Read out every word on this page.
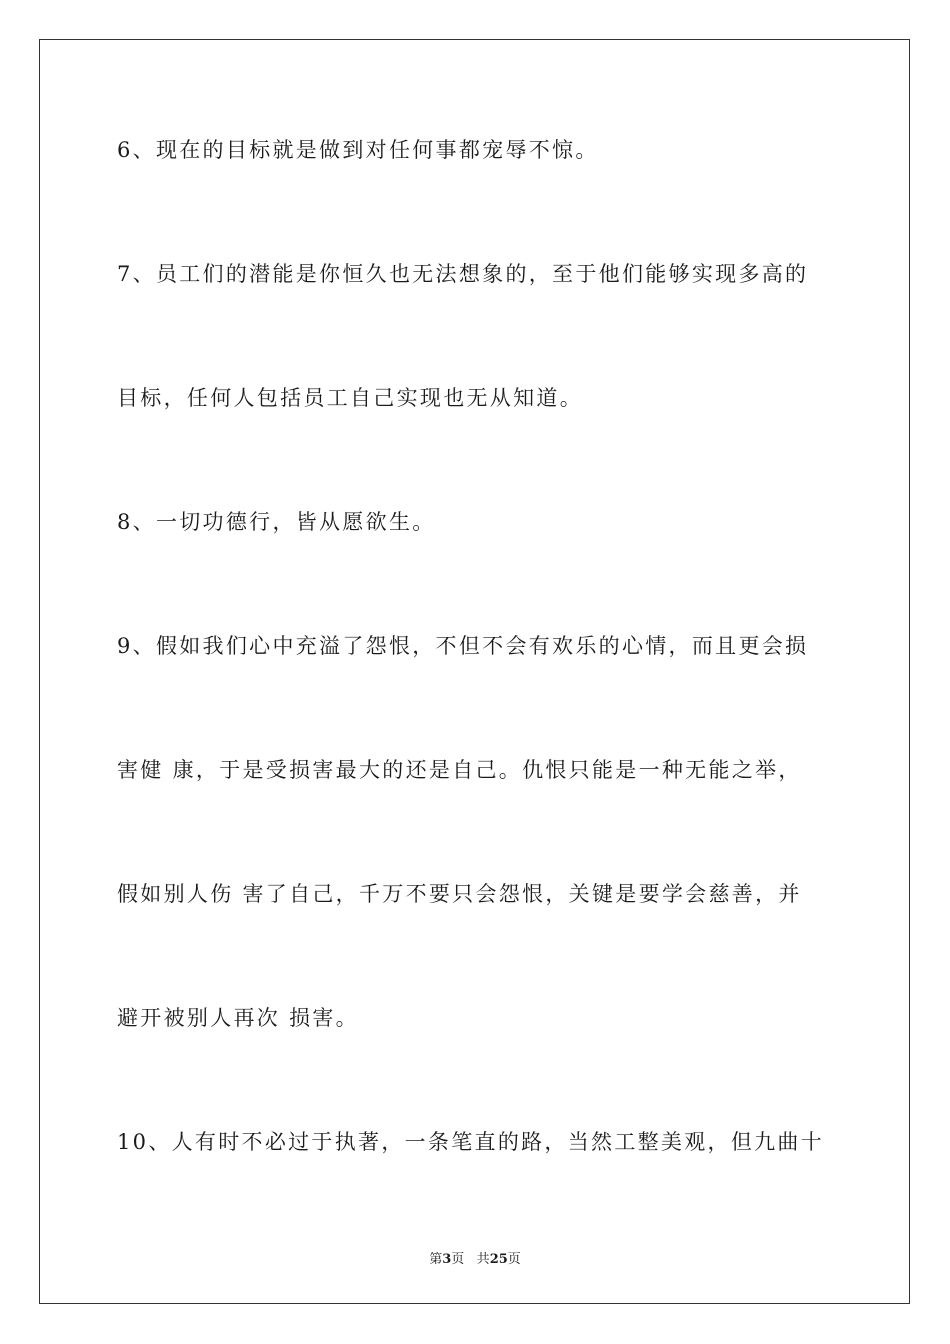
6、现在的目标就是做到对任何事都宠辱不惊。
7、员工们的潜能是你恒久也无法想象的，至于他们能够实现多高的
目标，任何人包括员工自己实现也无从知道。
8、一切功德行，皆从愿欲生。
9、假如我们心中充溢了怨恨，不但不会有欢乐的心情，而且更会损
害健 康，于是受损害最大的还是自己。仇恨只能是一种无能之举，
假如别人伤 害了自己，千万不要只会怨恨，关键是要学会慈善，并
避开被别人再次 损害。
10、人有时不必过于执著，一条笔直的路，当然工整美观，但九曲十
第3页 共25页
